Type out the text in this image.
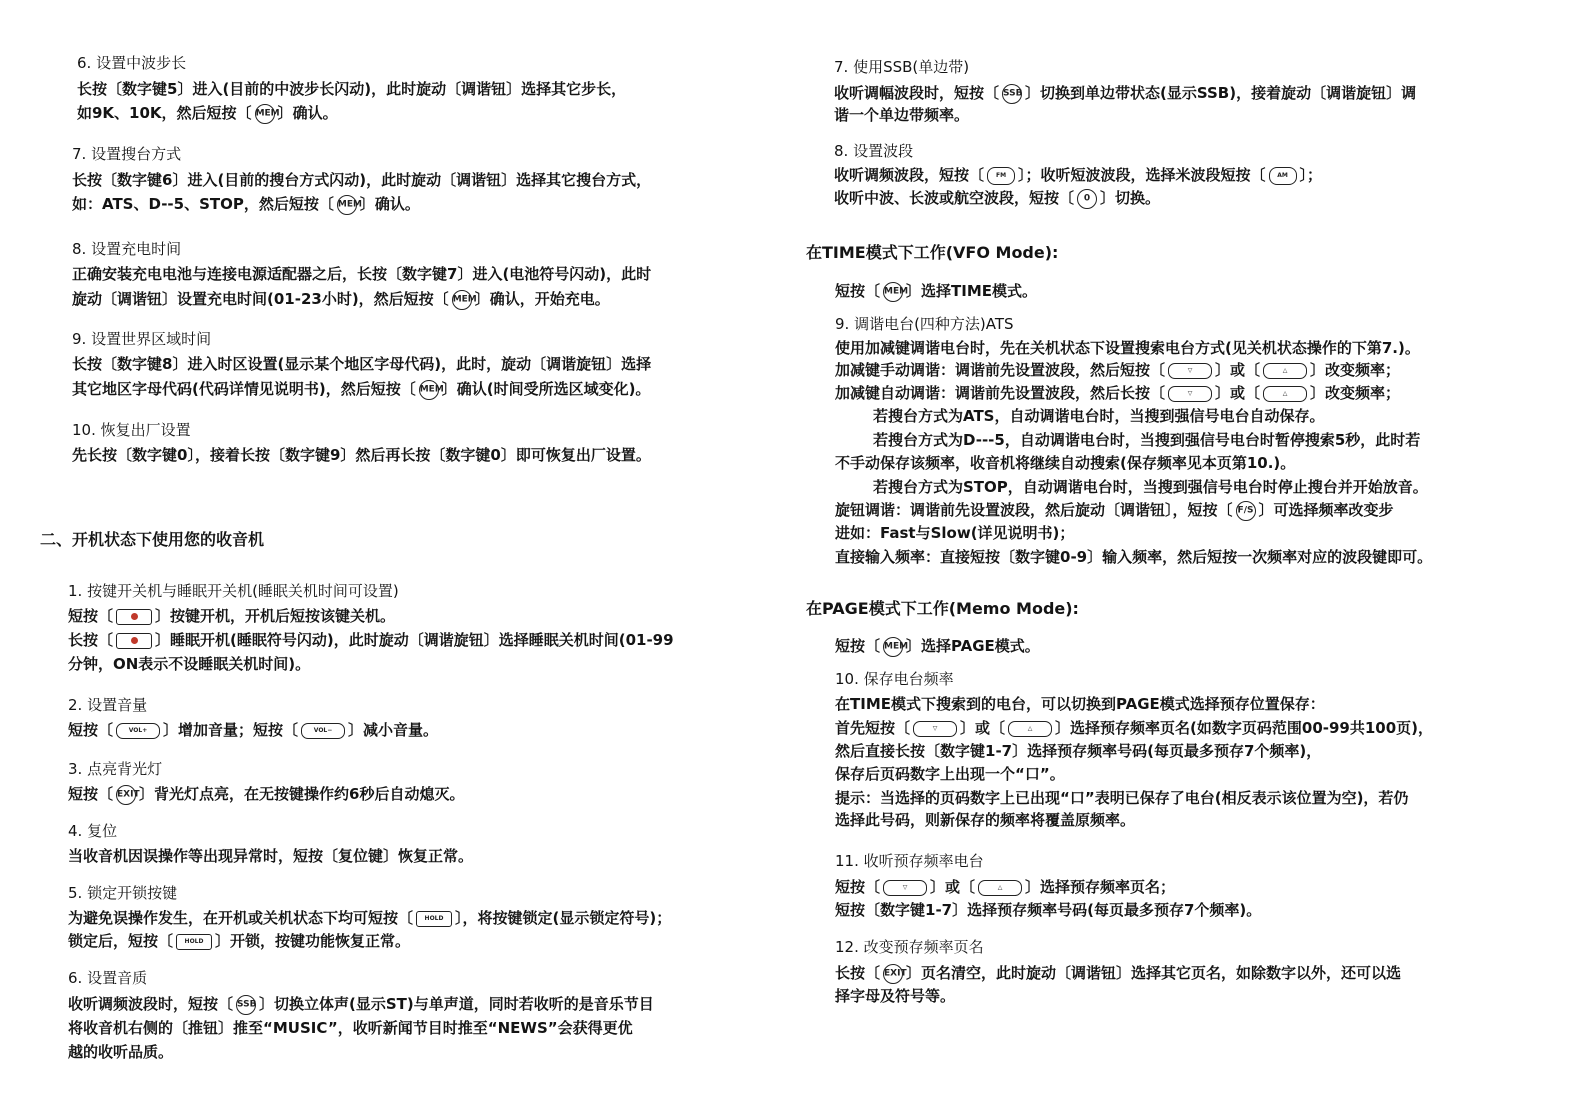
6. 设置中波步长
长按〔数字键5〕进入(目前的中波步长闪动)，此时旋动〔调谐钮〕选择其它步长，
如9K、10K，然后短按〔 MEM
〕确认。
7. 设置搜台方式
长按〔数字键6〕进入(目前的搜台方式闪动)，此时旋动〔调谐钮〕选择其它搜台方式，
如：ATS、D--5、STOP，然后短按〔 MEM
〕确认。
8. 设置充电时间
正确安装充电电池与连接电源适配器之后，长按〔数字键7〕进入(电池符号闪动)，此时
旋动〔调谐钮〕设置充电时间(01-23小时)，然后短按〔 MEM
〕确认，开始充电。
9. 设置世界区域时间
长按〔数字键8〕进入时区设置(显示某个地区字母代码)，此时，旋动〔调谐旋钮〕选择
其它地区字母代码(代码详情见说明书)，然后短按〔 MEM
〕确认(时间受所选区域变化)。
10. 恢复出厂设置
先长按〔数字键0〕，接着长按〔数字键9〕然后再长按〔数字键0〕即可恢复出厂设置。
二、开机状态下使用您的收音机
1. 按键开关机与睡眠开关机(睡眠关机时间可设置)
短按〔	〕按键开机，开机后短按该键关机。
长按〔	〕睡眠开机(睡眠符号闪动)，此时旋动〔调谐旋钮〕选择睡眠关机时间(01-99
分钟，ON表示不设睡眠关机时间)。
2. 设置音量
短按〔	VOL+	〕增加音量；短按〔	VOL−	〕减小音量。
3. 点亮背光灯
短按〔 EXIT 〕背光灯点亮，在无按键操作约6秒后自动熄灭。
4. 复位
当收音机因误操作等出现异常时，短按〔复位键〕恢复正常。
5. 锁定开锁按键
为避免误操作发生，在开机或关机状态下均可短按〔	HOLD 〕，将按键锁定(显示锁定符号)；
锁定后，短按〔	HOLD 〕开锁，按键功能恢复正常。
6. 设置音质
收听调频波段时，短按〔 SSB 〕切换立体声(显示ST)与单声道，同时若收听的是音乐节目
将收音机右侧的〔推钮〕推至“MUSIC”，收听新闻节目时推至“NEWS”会获得更优
越的收听品质。
7. 使用SSB(单边带)
收听调幅波段时，短按〔 SSB 〕切换到单边带状态(显示SSB)，接着旋动〔调谐旋钮〕调
谐一个单边带频率。
8. 设置波段
收听调频波段，短按〔	FM 〕；收听短波波段，选择米波段短按〔	AM 〕；
收听中波、长波或航空波段，短按〔	0 〕切换。
在TIME模式下工作(VFO Mode):
短按〔 MEM
〕选择TIME模式。
9. 调谐电台(四种方法)ATS
使用加减键调谐电台时，先在关机状态下设置搜索电台方式(见关机状态操作的下第7.)。
加减键手动调谐：调谐前先设置波段，然后短按〔	▽	〕或〔	△	〕改变频率；
加减键自动调谐：调谐前先设置波段，然后长按〔	▽	〕或〔	△	〕改变频率；
若搜台方式为ATS，自动调谐电台时，当搜到强信号电台自动保存。
若搜台方式为D---5，自动调谐电台时，当搜到强信号电台时暂停搜索5秒，此时若
不手动保存该频率，收音机将继续自动搜索(保存频率见本页第10.)。
若搜台方式为STOP，自动调谐电台时，当搜到强信号电台时停止搜台并开始放音。
旋钮调谐：调谐前先设置波段，然后旋动〔调谐钮〕，短按〔 F/S 〕可选择频率改变步
进如：Fast与Slow(详见说明书)；
直接输入频率：直接短按〔数字键0-9〕输入频率，然后短按一次频率对应的波段键即可。
在PAGE模式下工作(Memo Mode):
短按〔 MEM
〕选择PAGE模式。
10. 保存电台频率
在TIME模式下搜索到的电台，可以切换到PAGE模式选择预存位置保存：
首先短按〔	▽	〕或〔	△	〕选择预存频率页名(如数字页码范围00-99共100页)，
然后直接长按〔数字键1-7〕选择预存频率号码(每页最多预存7个频率)，
保存后页码数字上出现一个“口”。
提示：当选择的页码数字上已出现“口”表明已保存了电台(相反表示该位置为空)，若仍
选择此号码，则新保存的频率将覆盖原频率。
11. 收听预存频率电台
短按〔	▽	〕或〔	△	〕选择预存频率页名；
短按〔数字键1-7〕选择预存频率号码(每页最多预存7个频率)。
12. 改变预存频率页名
长按〔 EXIT 〕页名清空，此时旋动〔调谐钮〕选择其它页名，如除数字以外，还可以选
择字母及符号等。
